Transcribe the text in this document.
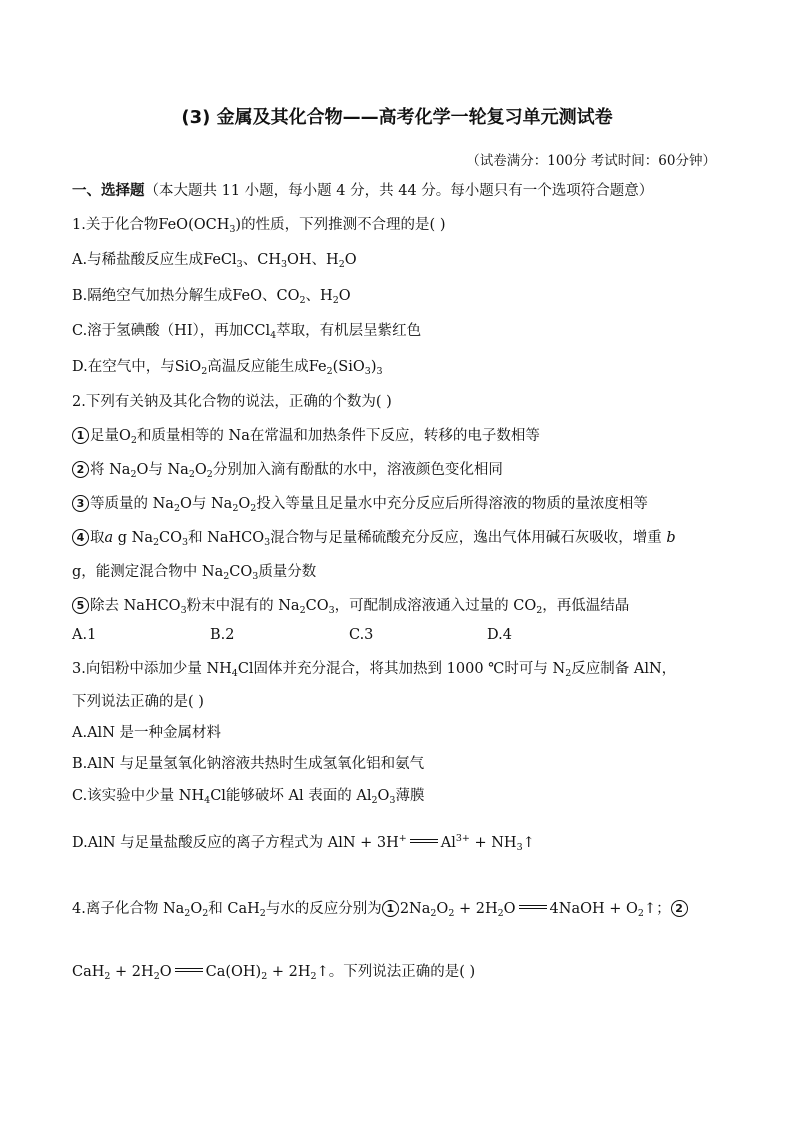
(3) 金属及其化合物——高考化学一轮复习单元测试卷
（试卷满分：100分 考试时间：60分钟）
一、选择题（本大题共 11 小题，每小题 4 分，共 44 分。每小题只有一个选项符合题意）
1.关于化合物$FeO(OCH_3)$的性质，下列推测不合理的是( )
A.与稀盐酸反应生成FeCl$_3$、$CH_3OH$、$H_2O$
B.隔绝空气加热分解生成FeO、$CO_2$、$H_2O$
C.溶于氢碘酸（HI），再加CCl$_4$萃取，有机层呈紫红色
D.在空气中，与SiO$_2$高温反应能生成$Fe_2(SiO_3)_3$
2.下列有关钠及其化合物的说法，正确的个数为( )
1 足量$O_2$和质量相等的 Na在常温和加热条件下反应，转移的电子数相等
2 将 $Na_2O$与 $Na_2O_2$分别加入滴有酚酞的水中，溶液颜色变化相同
3 等质量的 $Na_2O$与 $Na_2O_2$投入等量且足量水中充分反应后所得溶液的物质的量浓度相等
4 取a g $Na_2CO_3$和 NaHCO$_3$混合物与足量稀硫酸充分反应，逸出气体用碱石灰吸收，增重 b
g，能测定混合物中 $Na_2CO_3$质量分数
5 除去 NaHCO$_3$粉末中混有的 $Na_2CO_3$，可配制成溶液通入过量的 $CO_2$，再低温结晶
A.1	B.2	C.3	D.4
3.向铝粉中添加少量 $NH_4Cl$固体并充分混合，将其加热到 1000 ℃时可与 $N_2$反应制备 AlN，
下列说法正确的是( )
A.AlN 是一种金属材料
B.AlN 与足量氢氧化钠溶液共热时生成氢氧化铝和氨气
C.该实验中少量 $NH_4Cl$能够破坏 Al 表面的 $Al_2O_3$薄膜
D.AlN 与足量盐酸反应的离子方程式为 AlN + 3H+ $Al^{3+}$ + $NH_3↑$
4.离子化合物 $Na_2O_2$和 CaH$_2$与水的反应分别为 1 $2Na_2O_2 + 2H_2O$ 4NaOH + $O_2↑$； 2
$CaH_2 + 2H_2O$ $Ca(OH)_2$ + $2H_2↑$。下列说法正确的是( )
